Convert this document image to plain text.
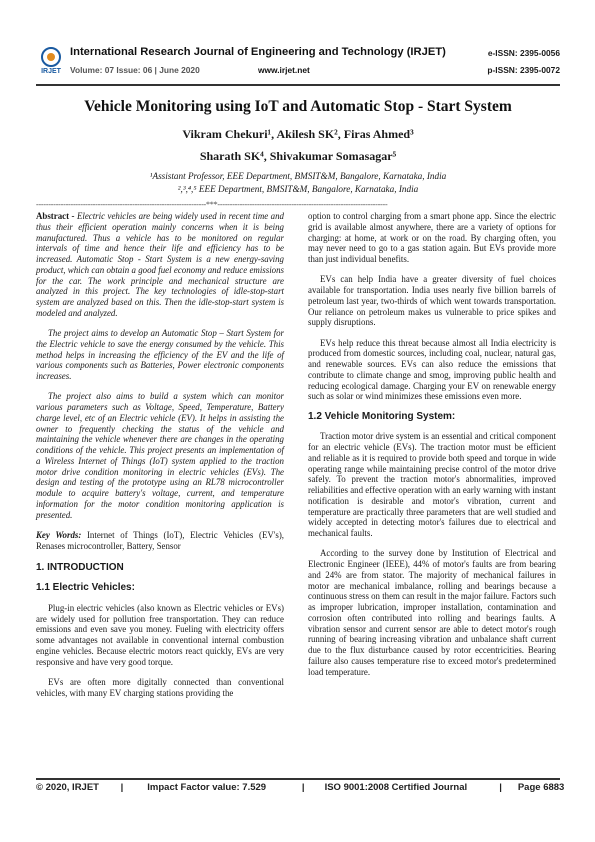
IRJET
International Research Journal of Engineering and Technology (IRJET)
Volume: 07 Issue: 06 | June 2020	www.irjet.net
e-ISSN: 2395-0056
p-ISSN: 2395-0072
Vehicle Monitoring using IoT and Automatic Stop - Start System
Vikram Chekuri¹, Akilesh SK², Firas Ahmed³
Sharath SK⁴, Shivakumar Somasagar⁵
¹Assistant Professor, EEE Department, BMSIT&M, Bangalore, Karnataka, India
²,³,⁴,⁵ EEE Department, BMSIT&M, Bangalore, Karnataka, India
---------------------------------------------------------------------***---------------------------------------------------------------------

Abstract - Electric vehicles are being widely used in recent time and thus their efficient operation mainly concerns when it is being manufactured. Thus a vehicle has to be monitored on regular intervals of time and hence their life and efficiency has to be increased. Automatic Stop - Start System is a new energy-saving product, which can obtain a good fuel economy and reduce emissions for the car. The work principle and mechanical structure are analyzed in this project. The key technologies of idle-stop-start system are analyzed based on this. Then the idle-stop-start system is modeled and analyzed.

The project aims to develop an Automatic Stop – Start System for the Electric vehicle to save the energy consumed by the vehicle. This method helps in increasing the efficiency of the EV and the life of various components such as Batteries, Power electronic components increases.

The project also aims to build a system which can monitor various parameters such as Voltage, Speed, Temperature, Battery charge level, etc of an Electric vehicle (EV). It helps in assisting the owner to frequently checking the status of the vehicle and maintaining the vehicle whenever there are changes in the operating conditions of the vehicle. This project presents an implementation of a Wireless Internet of Things (IoT) system applied to the traction motor drive condition monitoring in electric vehicles (EVs). The design and testing of the prototype using an RL78 microcontroller module to acquire battery's voltage, current, and temperature information for the motor condition monitoring application is presented.

Key Words: Internet of Things (IoT), Electric Vehicles (EV's), Renases microcontroller, Battery, Sensor

1. INTRODUCTION
1.1 Electric Vehicles:

Plug-in electric vehicles (also known as Electric vehicles or EVs) are widely used for pollution free transportation. They can reduce emissions and even save you money. Fueling with electricity offers some advantages not available in conventional internal combustion engine vehicles. Because electric motors react quickly, EVs are very responsive and have very good torque.

EVs are often more digitally connected than conventional vehicles, with many EV charging stations providing the

option to control charging from a smart phone app. Since the electric grid is available almost anywhere, there are a variety of options for charging: at home, at work or on the road. By charging often, you may never need to go to a gas station again. But EVs provide more than just individual benefits.

EVs can help India have a greater diversity of fuel choices available for transportation. India uses nearly five billion barrels of petroleum last year, two-thirds of which went towards transportation. Our reliance on petroleum makes us vulnerable to price spikes and supply disruptions.

EVs help reduce this threat because almost all India electricity is produced from domestic sources, including coal, nuclear, natural gas, and renewable sources. EVs can also reduce the emissions that contribute to climate change and smog, improving public health and reducing ecological damage. Charging your EV on renewable energy such as solar or wind minimizes these emissions even more.

1.2 Vehicle Monitoring System:

Traction motor drive system is an essential and critical component for an electric vehicle (EVs). The traction motor must be efficient and reliable as it is required to provide both speed and torque in wide operating range while maintaining precise control of the motor drive safely. To prevent the traction motor's abnormalities, improved reliabilities and effective operation with an early warning with instant notification is desirable and motor's vibration, current and temperature are practically three parameters that are well studied and widely accepted in detecting motor's failures due to electrical and mechanical faults.

According to the survey done by Institution of Electrical and Electronic Engineer (IEEE), 44% of motor's faults are from bearing and 24% are from stator. The majority of mechanical failures in motor are mechanical imbalance, rolling and bearings because a continuous stress on them can result in the major failure. Factors such as improper lubrication, improper installation, contamination and corrosion often contributed into rolling and bearings faults. A vibration sensor and current sensor are able to detect motor's rough running of bearing increasing vibration and unbalance shaft current due to the flux disturbance caused by rotor eccentricities. Bearing failure also causes temperature rise to exceed motor's predetermined load temperature.

© 2020, IRJET |	Impact Factor value: 7.529	| ISO 9001:2008 Certified Journal	| Page 6883
